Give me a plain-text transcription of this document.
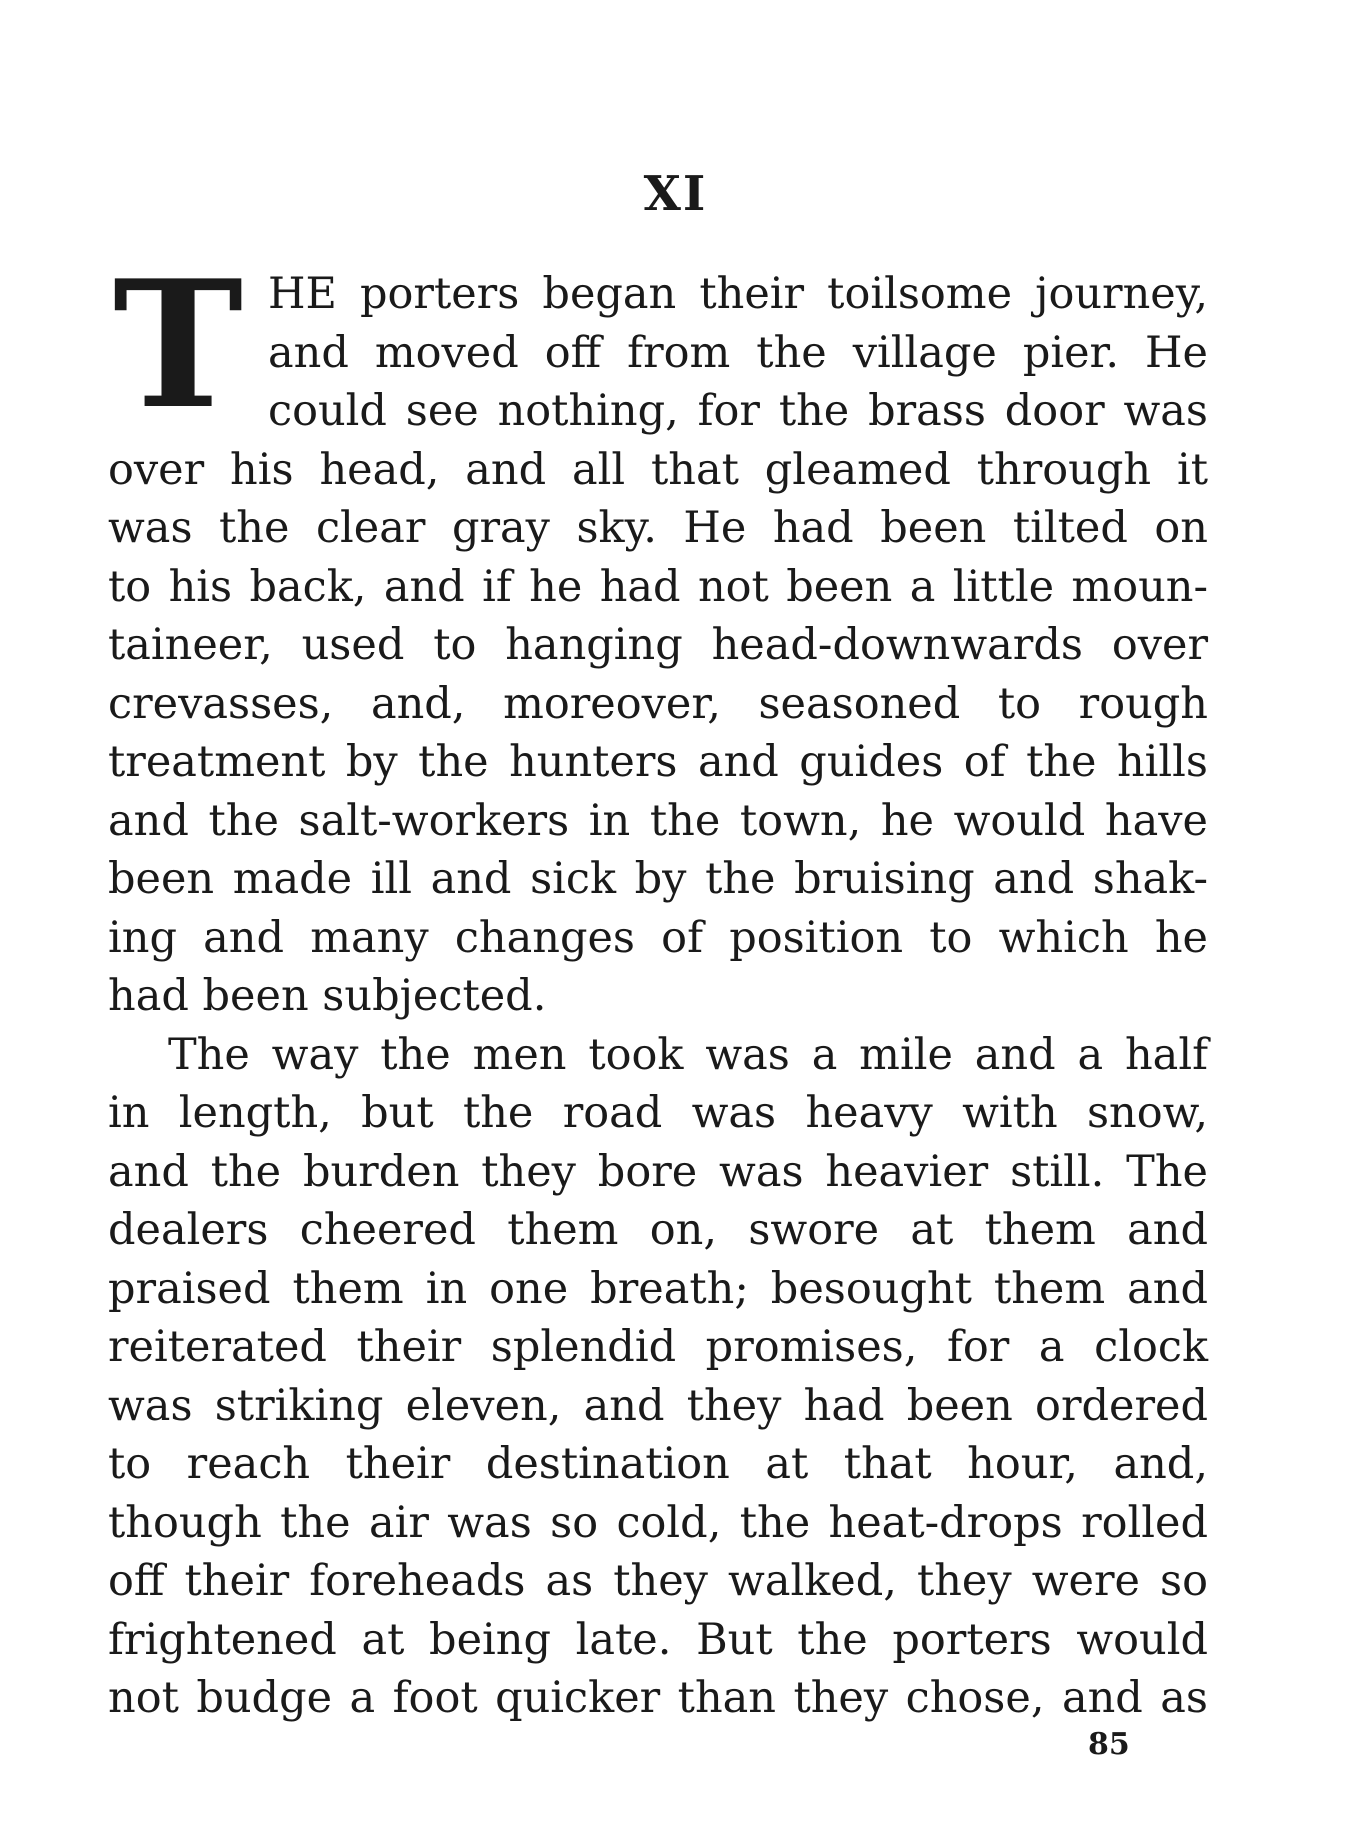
XI
T HE porters began their toilsome journey,
and moved off from the village pier. He
could see nothing, for the brass door was
over his head, and all that gleamed through it
was the clear gray sky. He had been tilted on
to his back, and if he had not been a little moun-
taineer, used to hanging head-downwards over
crevasses, and, moreover, seasoned to rough
treatment by the hunters and guides of the hills
and the salt-workers in the town, he would have
been made ill and sick by the bruising and shak-
ing and many changes of position to which he
had been subjected.
The way the men took was a mile and a half
in length, but the road was heavy with snow,
and the burden they bore was heavier still. The
dealers cheered them on, swore at them and
praised them in one breath; besought them and
reiterated their splendid promises, for a clock
was striking eleven, and they had been ordered
to reach their destination at that hour, and,
though the air was so cold, the heat-drops rolled
off their foreheads as they walked, they were so
frightened at being late. But the porters would
not budge a foot quicker than they chose, and as
85
